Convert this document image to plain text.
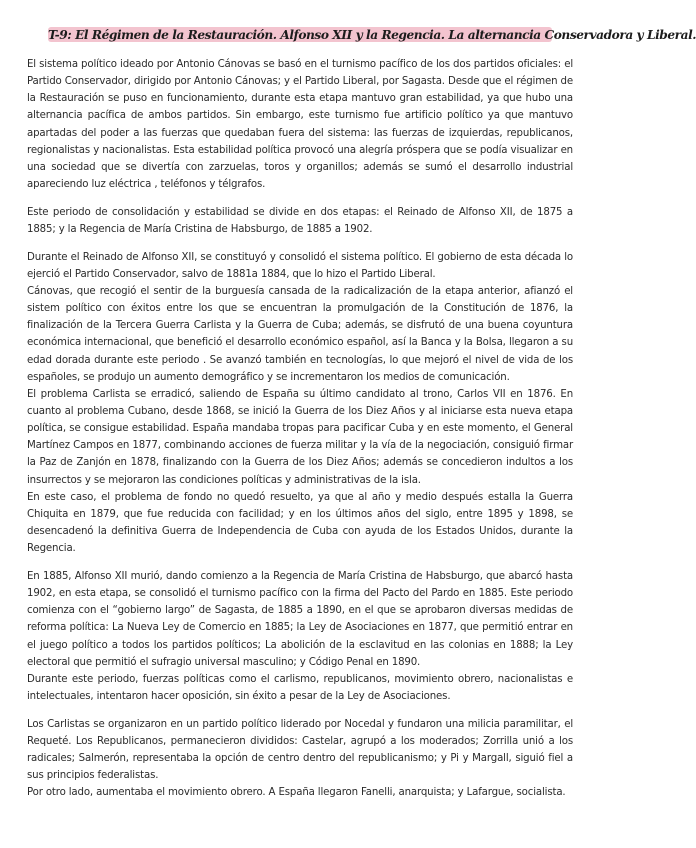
T-9: El Régimen de la Restauración. Alfonso XII y la Regencia. La alternancia Conservadora y Liberal.

El sistema político ideado por Antonio Cánovas se basó en el turnismo pacífico de los dos partidos oficiales: el Partido Conservador, dirigido por Antonio Cánovas; y el Partido Liberal, por Sagasta. Desde que el régimen de la Restauración se puso en funcionamiento, durante esta etapa mantuvo gran estabilidad, ya que hubo una alternancia pacífica de ambos partidos. Sin embargo, este turnismo fue artificio político ya que mantuvo apartadas del poder a las fuerzas que quedaban fuera del sistema: las fuerzas de izquierdas, republicanos, regionalistas y nacionalistas. Esta estabilidad política provocó una alegría próspera que se podía visualizar en una sociedad que se divertía con zarzuelas, toros y organillos; además se sumó el desarrollo industrial apareciendo luz eléctrica , teléfonos y télgrafos.

Este periodo de consolidación y estabilidad se divide en dos etapas: el Reinado de Alfonso XII, de 1875 a 1885; y la Regencia de María Cristina de Habsburgo, de 1885 a 1902.

Durante el Reinado de Alfonso XII, se constituyó y consolidó el sistema político. El gobierno de esta década lo ejerció el Partido Conservador, salvo de 1881a 1884, que lo hizo el Partido Liberal.

Cánovas, que recogió el sentir de la burguesía cansada de la radicalización de la etapa anterior, afianzó el sistem político con éxitos entre los que se encuentran la promulgación de la Constitución de 1876, la finalización de la Tercera Guerra Carlista y la Guerra de Cuba; además, se disfrutó de una buena coyuntura económica internacional, que benefició el desarrollo económico español, así la Banca y la Bolsa, llegaron a su edad dorada durante este periodo . Se avanzó también en tecnologías, lo que mejoró el nivel de vida de los españoles, se produjo un aumento demográfico y se incrementaron los medios de comunicación.

El problema Carlista se erradicó, saliendo de España su último candidato al trono, Carlos VII en 1876. En cuanto al problema Cubano, desde 1868, se inició la Guerra de los Diez Años y al iniciarse esta nueva etapa política, se consigue estabilidad. España mandaba tropas para pacificar Cuba y en este momento, el General Martínez Campos en 1877, combinando acciones de fuerza militar y la vía de la negociación, consiguió firmar la Paz de Zanjón en 1878, finalizando con la Guerra de los Diez Años; además se concedieron indultos a los insurrectos y se mejoraron las condiciones políticas y administrativas de la isla.

En este caso, el problema de fondo no quedó resuelto, ya que al año y medio después estalla la Guerra Chiquita en 1879, que fue reducida con facilidad; y en los últimos años del siglo, entre 1895 y 1898, se desencadenó la definitiva Guerra de Independencia de Cuba con ayuda de los Estados Unidos, durante la Regencia.

En 1885, Alfonso XII murió, dando comienzo a la Regencia de María Cristina de Habsburgo, que abarcó hasta 1902, en esta etapa, se consolidó el turnismo pacífico con la firma del Pacto del Pardo en 1885. Este periodo comienza con el “gobierno largo” de Sagasta, de 1885 a 1890, en el que se aprobaron diversas medidas de reforma política: La Nueva Ley de Comercio en 1885; la Ley de Asociaciones en 1877, que permitió entrar en el juego político a todos los partidos políticos; La abolición de la esclavitud en las colonias en 1888; la Ley electoral que permitió el sufragio universal masculino; y Código Penal en 1890.

Durante este periodo, fuerzas políticas como el carlismo, republicanos, movimiento obrero, nacionalistas e intelectuales, intentaron hacer oposición, sin éxito a pesar de la Ley de Asociaciones.

Los Carlistas se organizaron en un partido político liderado por Nocedal y fundaron una milicia paramilitar, el Requeté. Los Republicanos, permanecieron divididos: Castelar, agrupó a los moderados; Zorrilla unió a los radicales; Salmerón, representaba la opción de centro dentro del republicanismo; y Pi y Margall, siguió fiel a sus principios federalistas.

Por otro lado, aumentaba el movimiento obrero. A España llegaron Fanelli, anarquista; y Lafargue, socialista.
